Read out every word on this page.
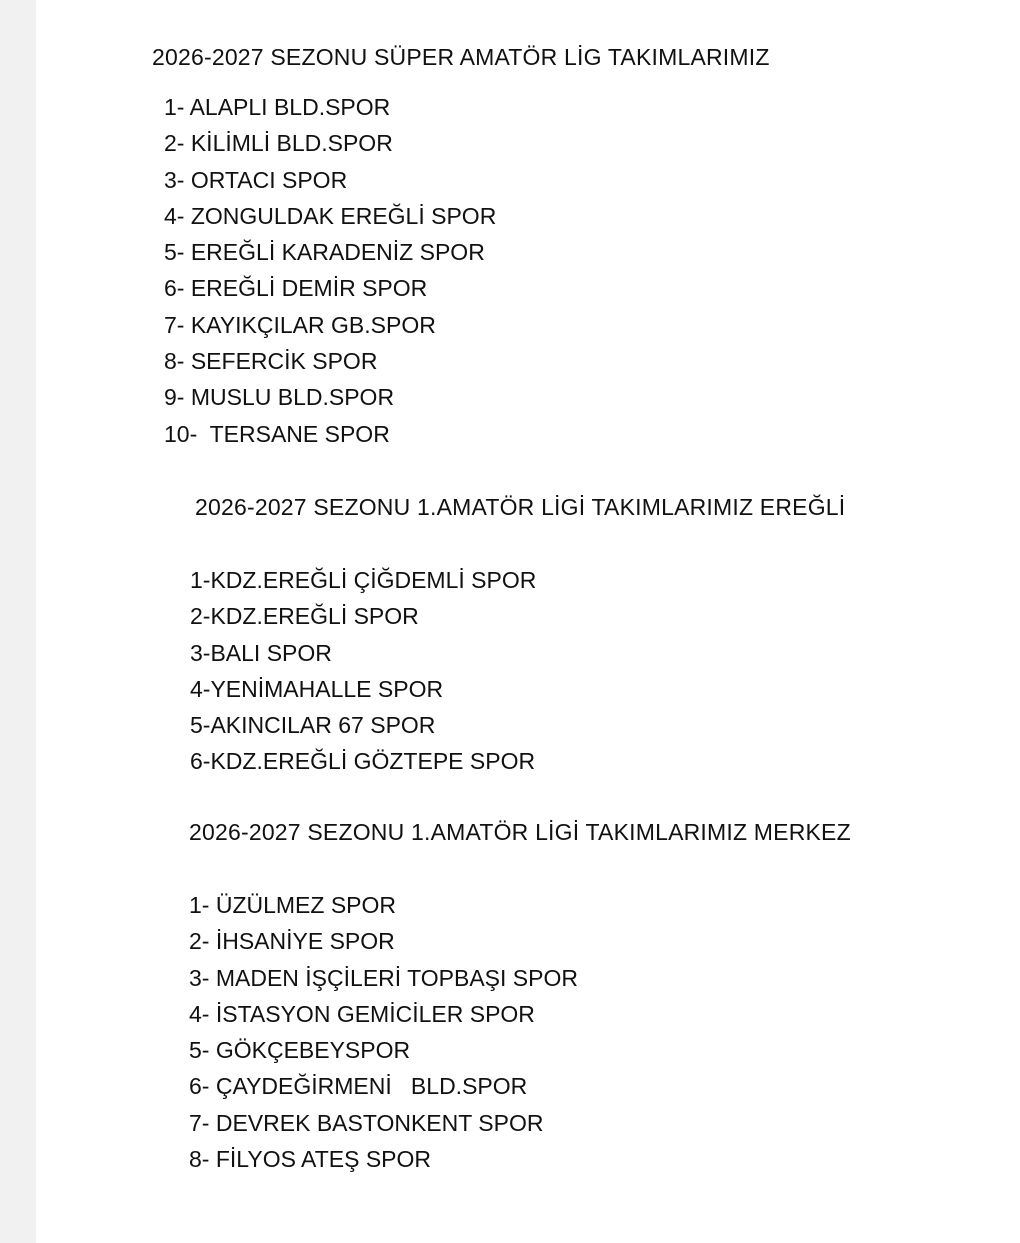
2026-2027 SEZONU SÜPER AMATÖR LİG TAKIMLARIMIZ
1- ALAPLI BLD.SPOR
2- KİLİMLİ BLD.SPOR
3- ORTACI SPOR
4- ZONGULDAK EREĞLİ SPOR
5- EREĞLİ KARADENİZ SPOR
6- EREĞLİ DEMİR SPOR
7- KAYIKÇILAR GB.SPOR
8- SEFERCİK SPOR
9- MUSLU BLD.SPOR
10-  TERSANE SPOR
2026-2027 SEZONU 1.AMATÖR LİGİ TAKIMLARIMIZ EREĞLİ
1-KDZ.EREĞLİ ÇİĞDEMLİ SPOR
2-KDZ.EREĞLİ SPOR
3-BALI SPOR
4-YENİMAHALLE SPOR
5-AKINCILAR 67 SPOR
6-KDZ.EREĞLİ GÖZTEPE SPOR
2026-2027 SEZONU 1.AMATÖR LİGİ TAKIMLARIMIZ MERKEZ
1- ÜZÜLMEZ SPOR
2- İHSANİYE SPOR
3- MADEN İŞÇİLERİ TOPBAŞI SPOR
4- İSTASYON GEMİCİLER SPOR
5- GÖKÇEBEYSPOR
6- ÇAYDEĞİRMENİ   BLD.SPOR
7- DEVREK BASTONKENT SPOR
8- FİLYOS ATEŞ SPOR
